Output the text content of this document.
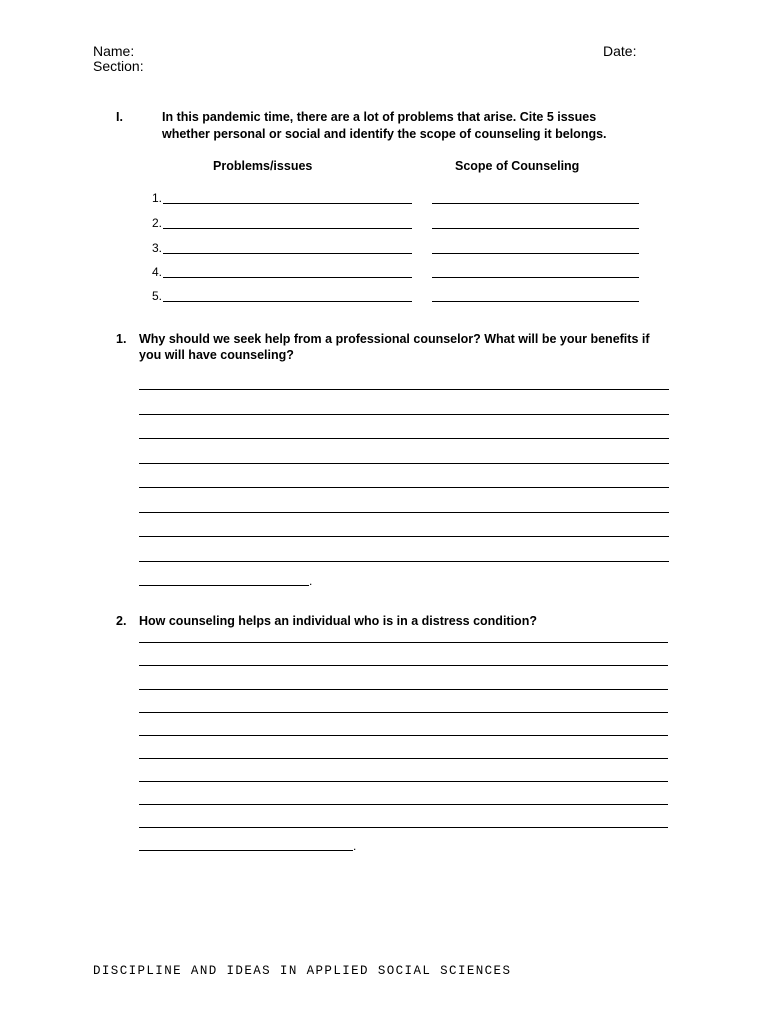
Name:	Date:
Section:
I.	In this pandemic time, there are a lot of problems that arise. Cite 5 issues
whether personal or social and identify the scope of counseling it belongs.
Problems/issues	Scope of Counseling
1.
2.
3.
4.
5.
1. Why should we seek help from a professional counselor? What will be your benefits if
you will have counseling?
.
2. How counseling helps an individual who is in a distress condition?
.
DISCIPLINE AND IDEAS IN APPLIED SOCIAL SCIENCES
